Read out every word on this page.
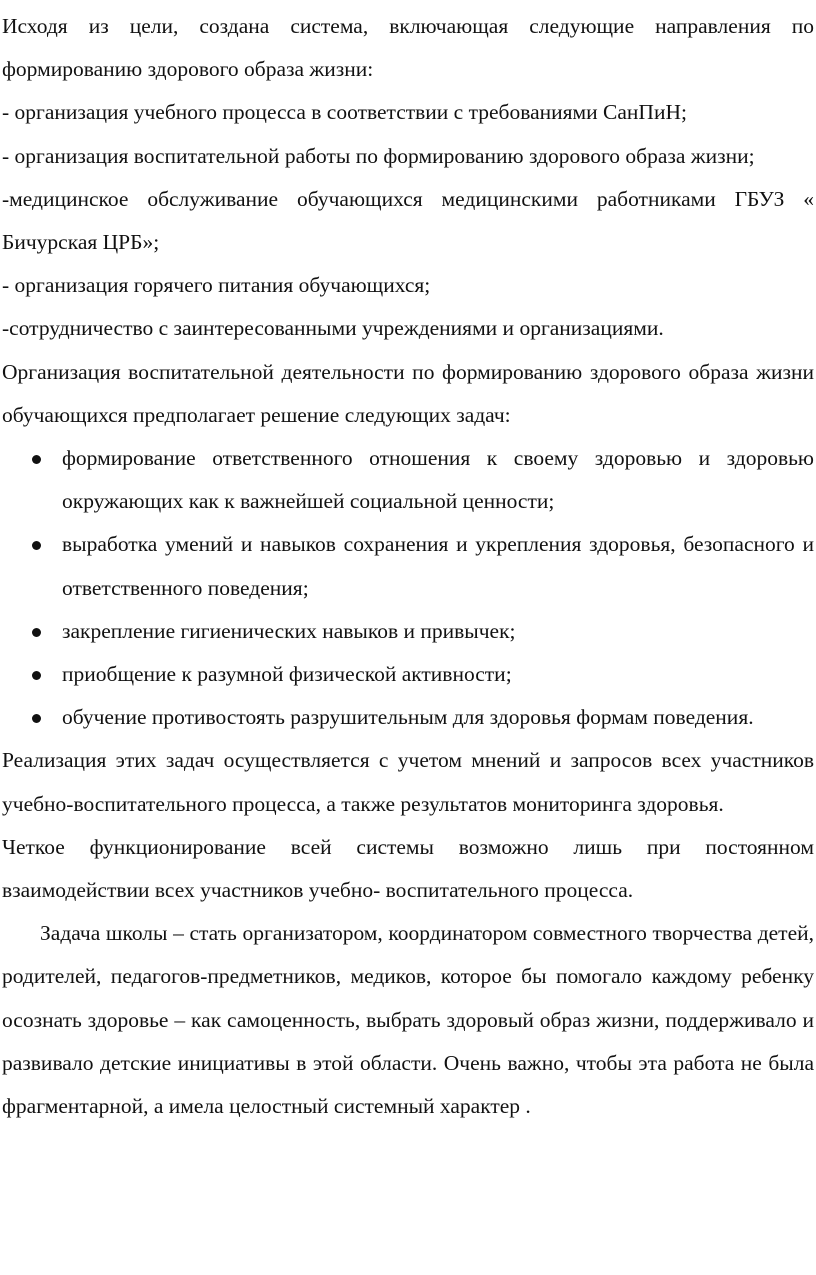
Исходя из цели, создана система, включающая следующие направления по формированию здорового образа жизни:

- организация учебного процесса в соответствии с требованиями СанПиН;

- организация воспитательной работы по формированию здорового образа жизни;

-медицинское обслуживание обучающихся медицинскими работниками ГБУЗ « Бичурская ЦРБ»;

- организация горячего питания обучающихся;

-сотрудничество с заинтересованными учреждениями и организациями.

Организация воспитательной деятельности по формированию здорового образа жизни обучающихся предполагает решение следующих задач:

формирование ответственного отношения к своему здоровью и здоровью окружающих как к важнейшей социальной ценности;
выработка умений и навыков сохранения и укрепления здоровья, безопасного и ответственного поведения;
закрепление гигиенических навыков и привычек;
приобщение к разумной физической активности;
обучение противостоять разрушительным для здоровья формам поведения.

Реализация этих задач осуществляется с учетом мнений и запросов всех участников учебно-воспитательного процесса, а также результатов мониторинга здоровья.

Четкое функционирование всей системы возможно лишь при постоянном взаимодействии всех участников учебно- воспитательного процесса.

Задача школы – стать организатором, координатором совместного творчества детей, родителей, педагогов-предметников, медиков, которое бы помогало каждому ребенку осознать здоровье – как самоценность, выбрать здоровый образ жизни, поддерживало и развивало детские инициативы в этой области. Очень важно, чтобы эта работа не была фрагментарной, а имела целостный системный характер .
